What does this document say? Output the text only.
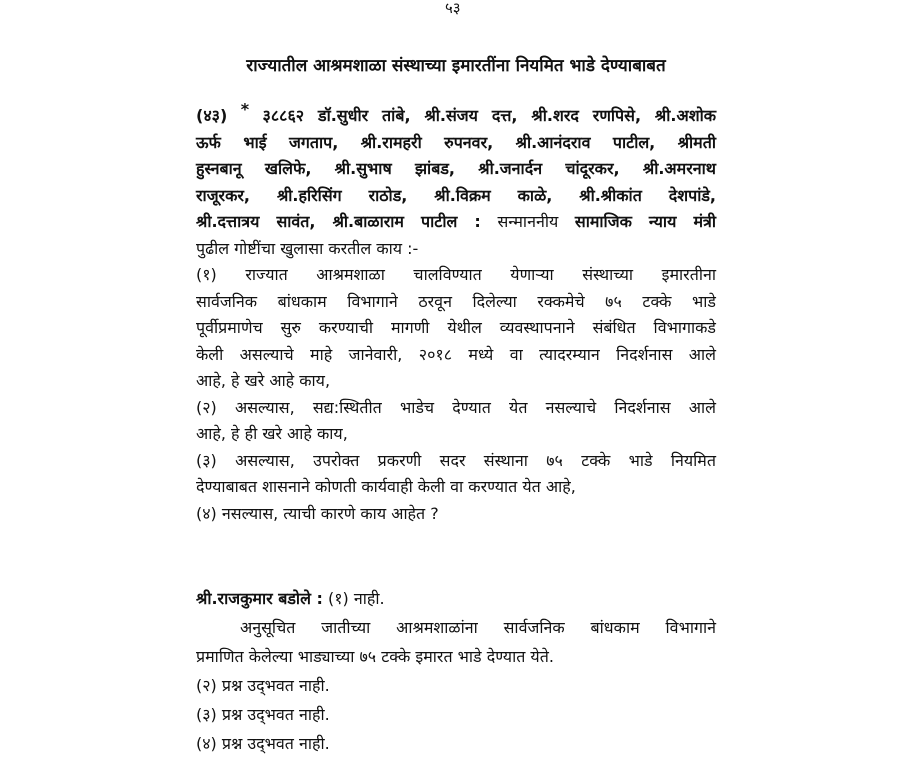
५३
राज्यातील आश्रमशाळा संस्थाच्या इमारतींना नियमित भाडे देण्याबाबत
(४३) * ३८८६२ डॉ.सुधीर तांबे, श्री.संजय दत्त, श्री.शरद रणपिसे, श्री.अशोक
ऊर्फ भाई जगताप, श्री.रामहरी रुपनवर, श्री.आनंदराव पाटील, श्रीमती
हुस्नबानू खलिफे, श्री.सुभाष झांबड, श्री.जनार्दन चांदूरकर, श्री.अमरनाथ
राजूरकर, श्री.हरिसिंग राठोड, श्री.विक्रम काळे, श्री.श्रीकांत देशपांडे,
श्री.दत्तात्रय सावंत, श्री.बाळाराम पाटील : सन्माननीय सामाजिक न्याय मंत्री
पुढील गोष्टींचा खुलासा करतील काय :-
(१) राज्यात आश्रमशाळा चालविण्यात येणाऱ्या संस्थाच्या इमारतीना
सार्वजनिक बांधकाम विभागाने ठरवून दिलेल्या रक्कमेचे ७५ टक्के भाडे
पूर्वीप्रमाणेच सुरु करण्याची मागणी येथील व्यवस्थापनाने संबंधित विभागाकडे
केली असल्याचे माहे जानेवारी, २०१८ मध्ये वा त्यादरम्यान निदर्शनास आले
आहे, हे खरे आहे काय,
(२) असल्यास, सद्य:स्थितीत भाडेच देण्यात येत नसल्याचे निदर्शनास आले
आहे, हे ही खरे आहे काय,
(३) असल्यास, उपरोक्त प्रकरणी सदर संस्थाना ७५ टक्के भाडे नियमित
देण्याबाबत शासनाने कोणती कार्यवाही केली वा करण्यात येत आहे,
(४) नसल्यास, त्याची कारणे काय आहेत ?
श्री.राजकुमार बडोले : (१) नाही.
अनुसूचित जातीच्या आश्रमशाळांना सार्वजनिक बांधकाम विभागाने
प्रमाणित केलेल्या भाड्याच्या ७५ टक्के इमारत भाडे देण्यात येते.
(२) प्रश्न उद्‌भवत नाही.
(३) प्रश्न उद्‌भवत नाही.
(४) प्रश्न उद्‌भवत नाही.
